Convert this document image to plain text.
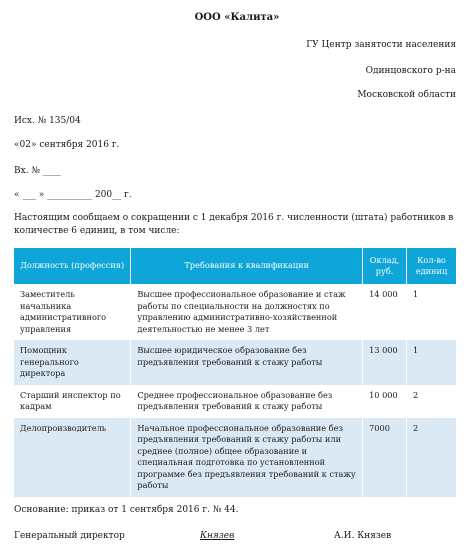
ООО «Калита»
ГУ Центр занятости населения
Одинцовского р-на
Московской области
Исх. № 135/04
«02» сентября 2016 г.
Вх. № ____
« ___ » __________ 200__ г.
Настоящим сообщаем о сокращении с 1 декабря 2016 г. численности (штата) работников в количестве 6 единиц, в том числе:
Должность (профессия)	Требования к квалификации	Оклад, руб.	Кол-во единиц
Заместитель начальника административного управления	Высшее профессиональное образование и стаж работы по специальности на должностях по управлению административно-хозяйственной деятельностью не менее 3 лет	14 000	1
Помощник генерального директора	Высшее юридическое образование без предъявления требований к стажу работы	13 000	1
Старший инспектор по кадрам	Среднее профессиональное образование без предъявления требований к стажу работы	10 000	2
Делопроизводитель	Начальное профессиональное образование без предъявления требований к стажу работы или среднее (полное) общее образование и специальная подготовка по установленной программе без предъявления требований к стажу работы	7000	2
Основание: приказ от 1 сентября 2016 г. № 44.
Генеральный директор	Князев	А.И. Князев
